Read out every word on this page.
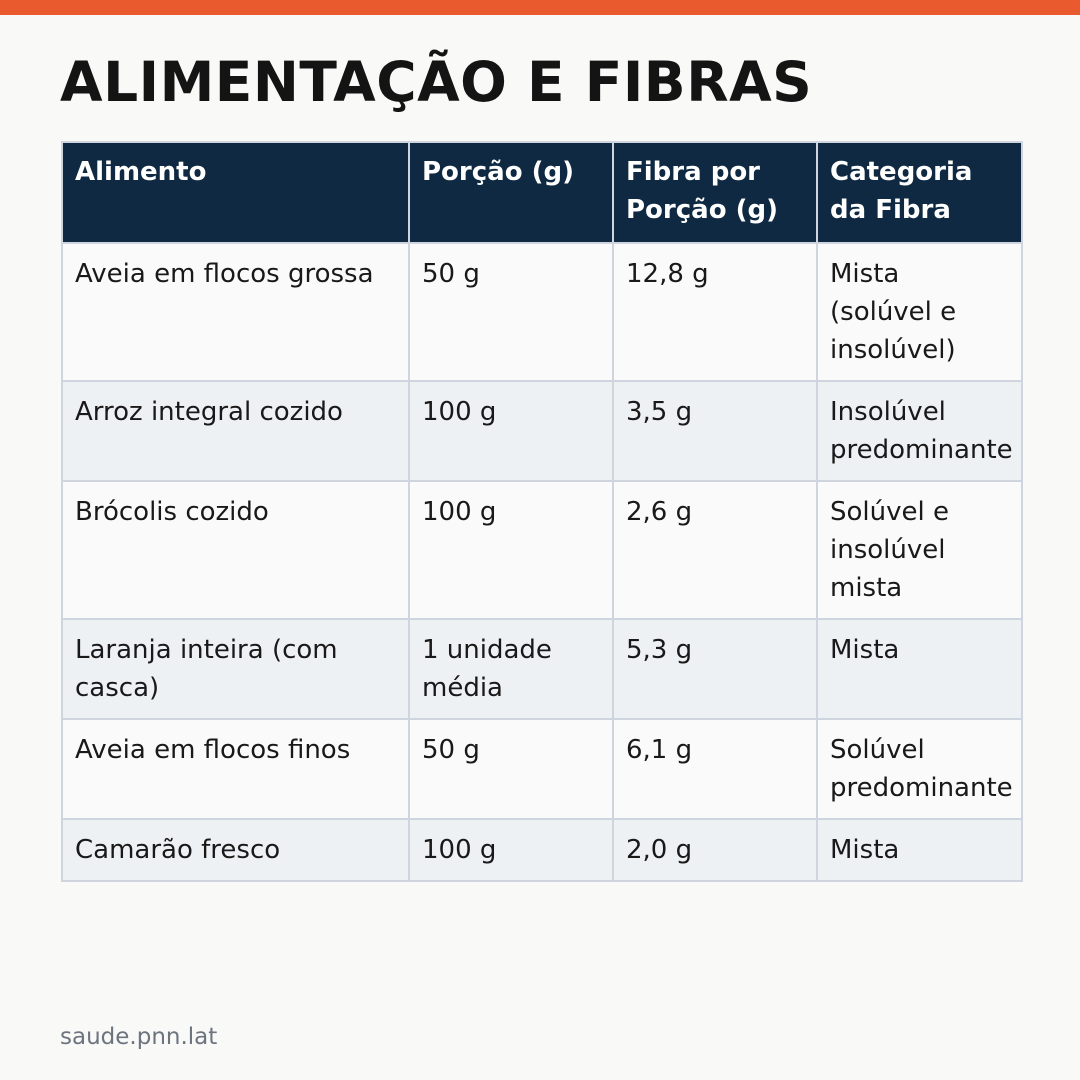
ALIMENTAÇÃO E FIBRAS
Alimento	Porção (g)	Fibra por Porção (g)	Categoria da Fibra
Aveia em flocos grossa	50 g	12,8 g	Mista (solúvel e insolúvel)
Arroz integral cozido	100 g	3,5 g	Insolúvel predominante
Brócolis cozido	100 g	2,6 g	Solúvel e insolúvel mista
Laranja inteira (com casca)	1 unidade média	5,3 g	Mista
Aveia em flocos finos	50 g	6,1 g	Solúvel predominante
Camarão fresco	100 g	2,0 g	Mista
saude.pnn.lat
